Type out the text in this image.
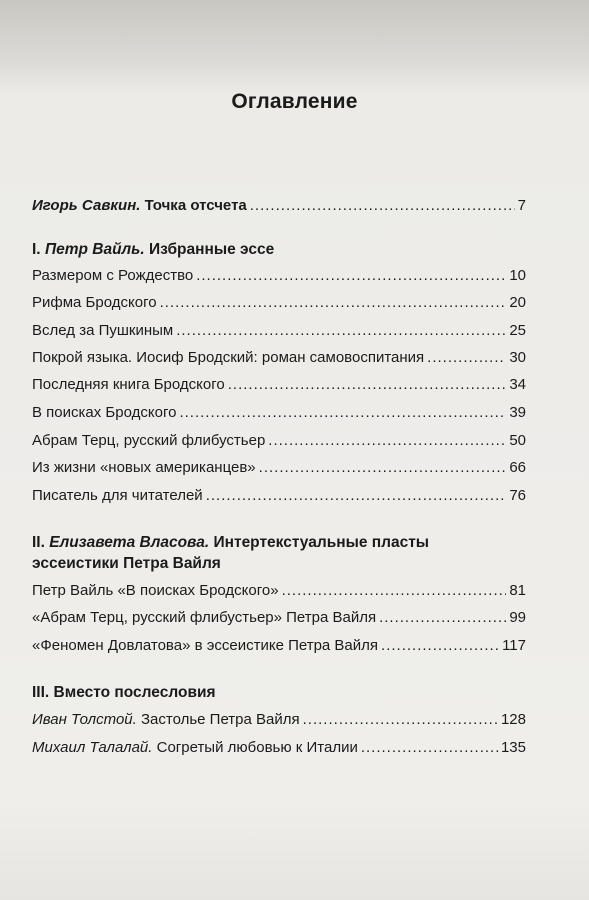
Оглавление
Игорь Савкин. Точка отсчета .....	7
I. Петр Вайль. Избранные эссе
Размером с Рождество .....	10
Рифма Бродского .....	20
Вслед за Пушкиным .....	25
Покрой языка. Иосиф Бродский: роман самовоспитания .....	30
Последняя книга Бродского .....	34
В поисках Бродского .....	39
Абрам Терц, русский флибустьер .....	50
Из жизни «новых американцев» .....	66
Писатель для читателей .....	76
II. Елизавета Власова. Интертекстуальные пласты
эссеистики Петра Вайля
Петр Вайль «В поисках Бродского» .....	81
«Абрам Терц, русский флибустьер» Петра Вайля .....	99
«Феномен Довлатова» в эссеистике Петра Вайля .....	117
III. Вместо послесловия
Иван Толстой. Застолье Петра Вайля .....	128
Михаил Талалай. Согретый любовью к Италии .....	135
